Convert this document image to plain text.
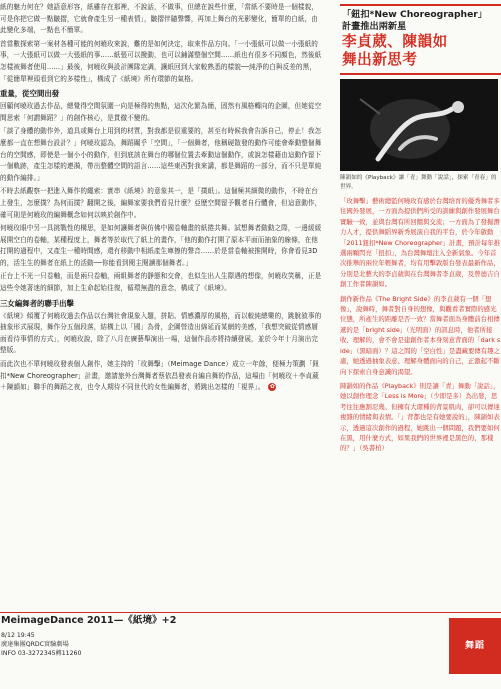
紙的魅力何在？她語意形容，紙雖存在那裡，不說話，不做事，但總在說些什麼，「當紙不要時是一個樣貌，可是你把它做一點皺摺，它就會產生另一種表情」，皺摺伴隨聲響，再加上舞台的光影變化，簡單的白紙，由此變化多端，一點也不簡單。

首當數探索第一案材各種可能的何曉玫來說，難的是如何決定，取來作品方向。「一小張紙可以做一小張紙的事，一大張紙可以做一大張紙的事……紙張可以撥動，也可以鋪滿整個空間……紙也有很多不同顏色，然後紙怎樣被舞者使用……」最後，何曉玫與設計團隊定調，讓紙回到大家較熟悉的樣貌──純淨的白與反差的黑，「從簡單裡頭看到它的多樣性」，構成了《紙境》所有環節的氣格。

重量，從空間出發

回顧何曉玫過去作品，總覺得空間氛圍一向是極得的焦點，這次化繁為簡，固然有風格轉向的企圖，但她從空間思索「何謂舞蹈？」的創作核心，是貫徹不變的。

「談了身體的動作外，道具或舞台上用到的材質，對我都是很重要的，甚至有時候我會告訴自己，停止！我怎麼都一直在想舞台設計？」何曉玫認為，舞蹈關乎「空間」，「一個舞者，他稱硬散發的動作可能會牽動整個舞台的空間感，即使是一個小小的動作，但到底該在舞台的哪個位置去牽動這個動作，或說怎樣藉由這動作留下一個軌跡，產生怎樣的連漪，帶出整體空間的語言……這些東西對我來講，都是舞蹈的一部分，而不只是單純的動作編排。」

不時去紙觀察一把進入舞作的繩索：實串《紙境》的意象其一，是「撲紙」。這個極其細微的動作，不時在台上發生，怎麼撲？為何而撲？翻開之後，編舞家要我們看見什麼？亞歷空間留予觀者自行體會，但這意動作，確可則是何曉玫的編舞概念如何以映於創作中。

何曉玫眼中另一具挑戰性的構思，是如何讓舞者與仿佛中國卷軸畫的紙捲共舞。試想舞者動動之際，一邊緩緩展開空白的卷軸，某種程度上，舞者等於取代了紙上的畫作，「他的動作打開了原本平面而抽象的線條，在他打開的過程中，又產生一種時間感，還有移動中相紙產生庫擦的聲音……於是當卷軸被推開時，你會看見3D的，活生生的舞者在紙上的活動──你能看到閱主閱讀那個舞者。」

正台上不光一只卷軸，而是兩只卷軸，兩組舞者的靜態和交會，也似生出人生際遇的想像，何曉玫笑稱，正是這些令她著迷的細節，加上生命起始往復，循環無盡的意念，構成了《紙境》。

三女編舞者的聯手出擊

《紙境》傾覆了何曉玫過去作品以台灣社會現象入題，拼貼、情感濃厚的風格，而以較純總樂的，跳脫敘事的抽象形式展現，舞作分五個段落，結構上以「國」為骨，企圖營造出綿延而某網的美感，「我想突破從情感層面看待事情的方式」，何曉玫說，除了八月在廣藝舉演出一場，這個作品亦將持續發展，並於今年十月演出完整版。

而此次也不單何曉玫發表個人創作，她主持的「玫舞擊」（Meimage Dance）成立一年餘，便極力策劃「鈕扣*New Choreographer」計畫，邀請旅外台灣舞者蔡依昌發表自編自舞的作品，這場由「何曉玫＋李貞葳＋陳韻如」聯手的舞蹈之夜，也令人期待不同世代的女性編舞者，將跳出怎樣的「視界」。 ✿

「鈕扣*New Choreographer」
計畫推出兩新星
李貞葳、陳韻如
舞出新思考
陳韻如的《Playback》讓「青」舞動「說話」，探索「青春」的世界。

「玫舞擊」藝術總監何曉玫有感於台灣培育的優秀舞者多往國外發展，一方面為提供們所受的訓練與創作發展舞台實驗一致，並與台灣有所回饋與交流；一方面為了發掘潛力人才，提供舞蹈界新秀展演自我的平台，於今年啟動「2011鈕扣*New Choreographer」計畫，預計每年推選兩顆閃亮「扭扣」，為台灣舞壇注入全新氣象。今年首次推舉的兩位年輕舞者，均有用擊敦版台發表最新作品，分別是北藝大的李貞葳與在台灣舞者李貞葳，及曾德吉自創工作者陳韻如。

創作新作品《The Bright Side》的李貞葳有一個「想像」，說舞時，舞者對自身的想像，與觀看者實際的感光位態，所產生的距離是否一致？當舞者面為身體前台相傳遞的是「bright side」（光明面）的訊息時，他者所接收、理解的，會不會是建創作者本身刻意背面的「dark side」（黑暗面）？這之間的「空白性」是盡藏要傳有趣之處，她透過抽象表意、理解身體面向的自己，正激起不斷向下探索自身意識的渴望。

陳韻如的作品《Playback》則是讓「青」舞動「說話」，她以創作理念「Less is More」（少即是多）為出發，思考往往應割忍幾、但擁有大環種的背景肌肉，卻可以傳達複雜的情緒與表情。「」背都也是有她要說的」，陳韻如表示，透過這次創作的過程，她跳出一個問題，我們要如何在黑，用什麼方式，如果我們的世界裡是黑色的，那樣的？」（吳書柏）

MeimageDance 2011—《紙境》+2
8/12 19:45
廣達集團QRDC實驗劇場
INFO 03-3272345轉11260
舞蹈
